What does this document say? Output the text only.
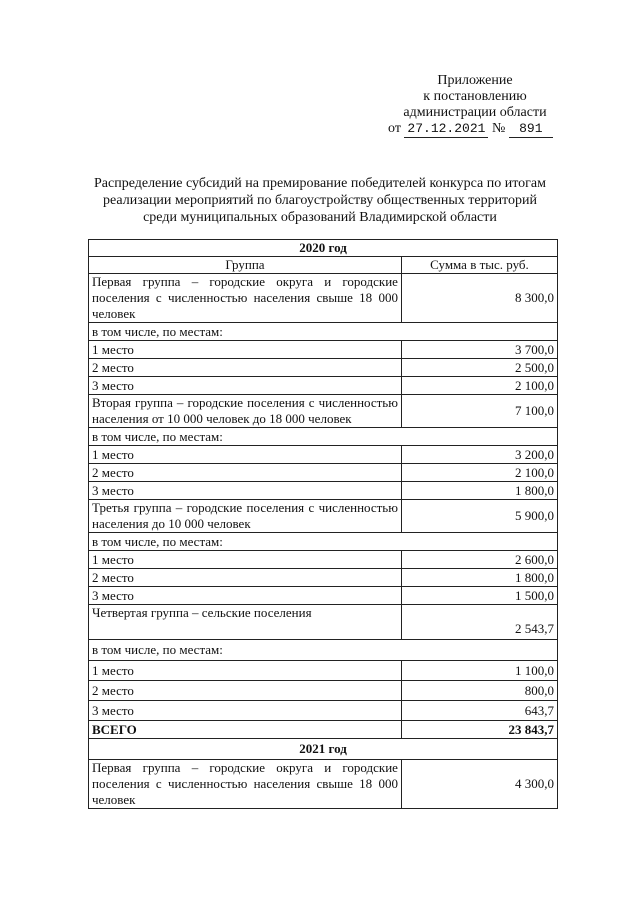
Приложение
к постановлению
администрации области
от 27.12.2021 № 891
Распределение субсидий на премирование победителей конкурса по итогам
реализации мероприятий по благоустройству общественных территорий
среди муниципальных образований Владимирской области
2020 год	
Группа	Сумма в тыс. руб.
Первая группа – городские округа и городские поселения с численностью населения свыше 18 000 человек	8 300,0
в том числе, по местам:	
1 место	3 700,0
2 место	2 500,0
3 место	2 100,0
Вторая группа – городские поселения с численностью населения от 10 000 человек до 18 000 человек	7 100,0
в том числе, по местам:	
1 место	3 200,0
2 место	2 100,0
3 место	1 800,0
Третья группа – городские поселения с численностью населения до 10 000 человек	5 900,0
в том числе, по местам:	
1 место	2 600,0
2 место	1 800,0
3 место	1 500,0
Четвертая группа – сельские поселения	2 543,7
в том числе, по местам:	
1 место	1 100,0
2 место	800,0
3 место	643,7
ВСЕГО	23 843,7
2021 год	
Первая группа – городские округа и городские поселения с численностью населения свыше 18 000 человек	4 300,0
